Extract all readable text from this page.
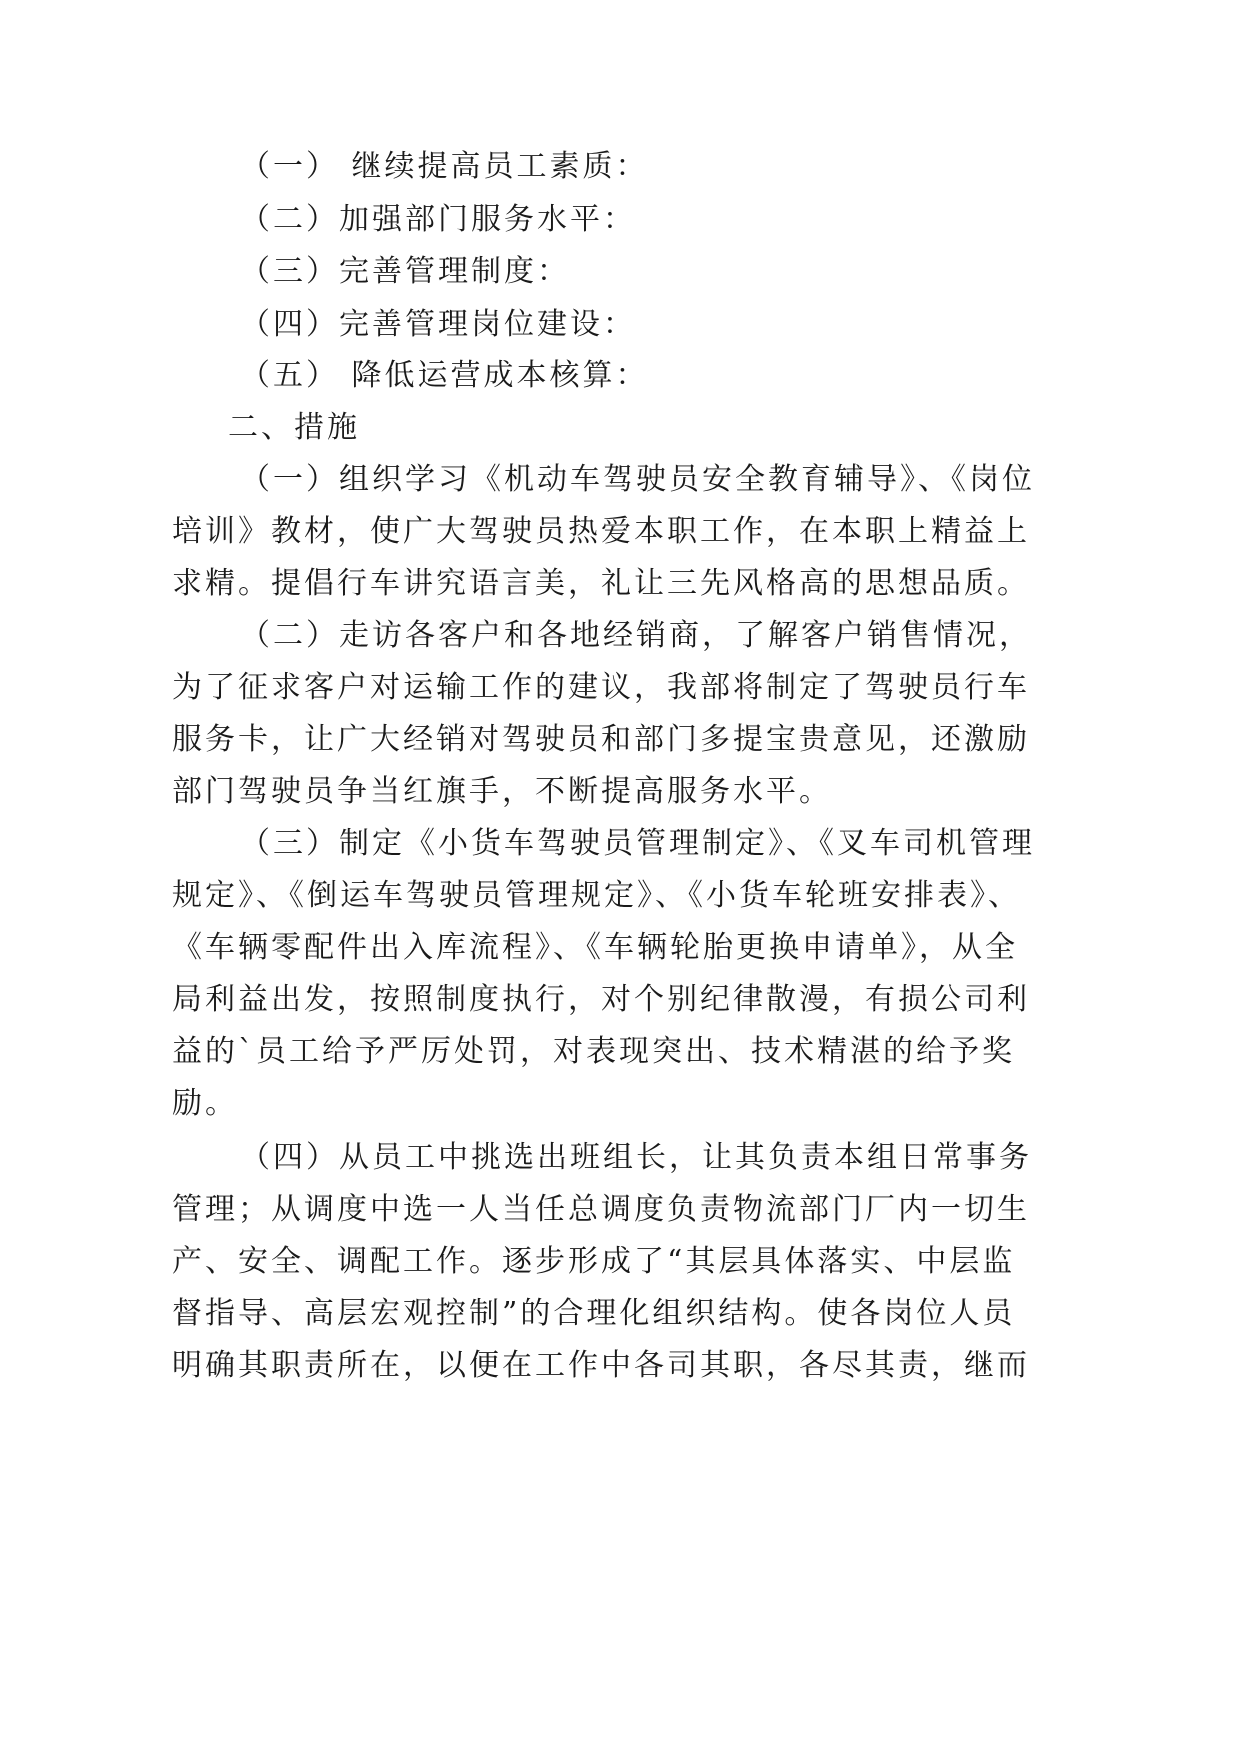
（一） 继续提高员工素质：
（二）加强部门服务水平：
（三）完善管理制度：
（四）完善管理岗位建设：
（五） 降低运营成本核算：
二、措施
（一）组织学习《机动车驾驶员安全教育辅导》、《岗位
培训》教材，使广大驾驶员热爱本职工作，在本职上精益上
求精。提倡行车讲究语言美，礼让三先风格高的思想品质。
（二）走访各客户和各地经销商，了解客户销售情况，
为了征求客户对运输工作的建议，我部将制定了驾驶员行车
服务卡，让广大经销对驾驶员和部门多提宝贵意见，还激励
部门驾驶员争当红旗手，不断提高服务水平。
（三）制定《小货车驾驶员管理制定》、《叉车司机管理
规定》、《倒运车驾驶员管理规定》、《小货车轮班安排表》、
《车辆零配件出入库流程》、《车辆轮胎更换申请单》，从全
局利益出发，按照制度执行，对个别纪律散漫，有损公司利
益的`员工给予严厉处罚，对表现突出、技术精湛的给予奖
励。
（四）从员工中挑选出班组长，让其负责本组日常事务
管理；从调度中选一人当任总调度负责物流部门厂内一切生
产、安全、调配工作。逐步形成了“其层具体落实、中层监
督指导、高层宏观控制”的合理化组织结构。使各岗位人员
明确其职责所在，以便在工作中各司其职，各尽其责，继而
